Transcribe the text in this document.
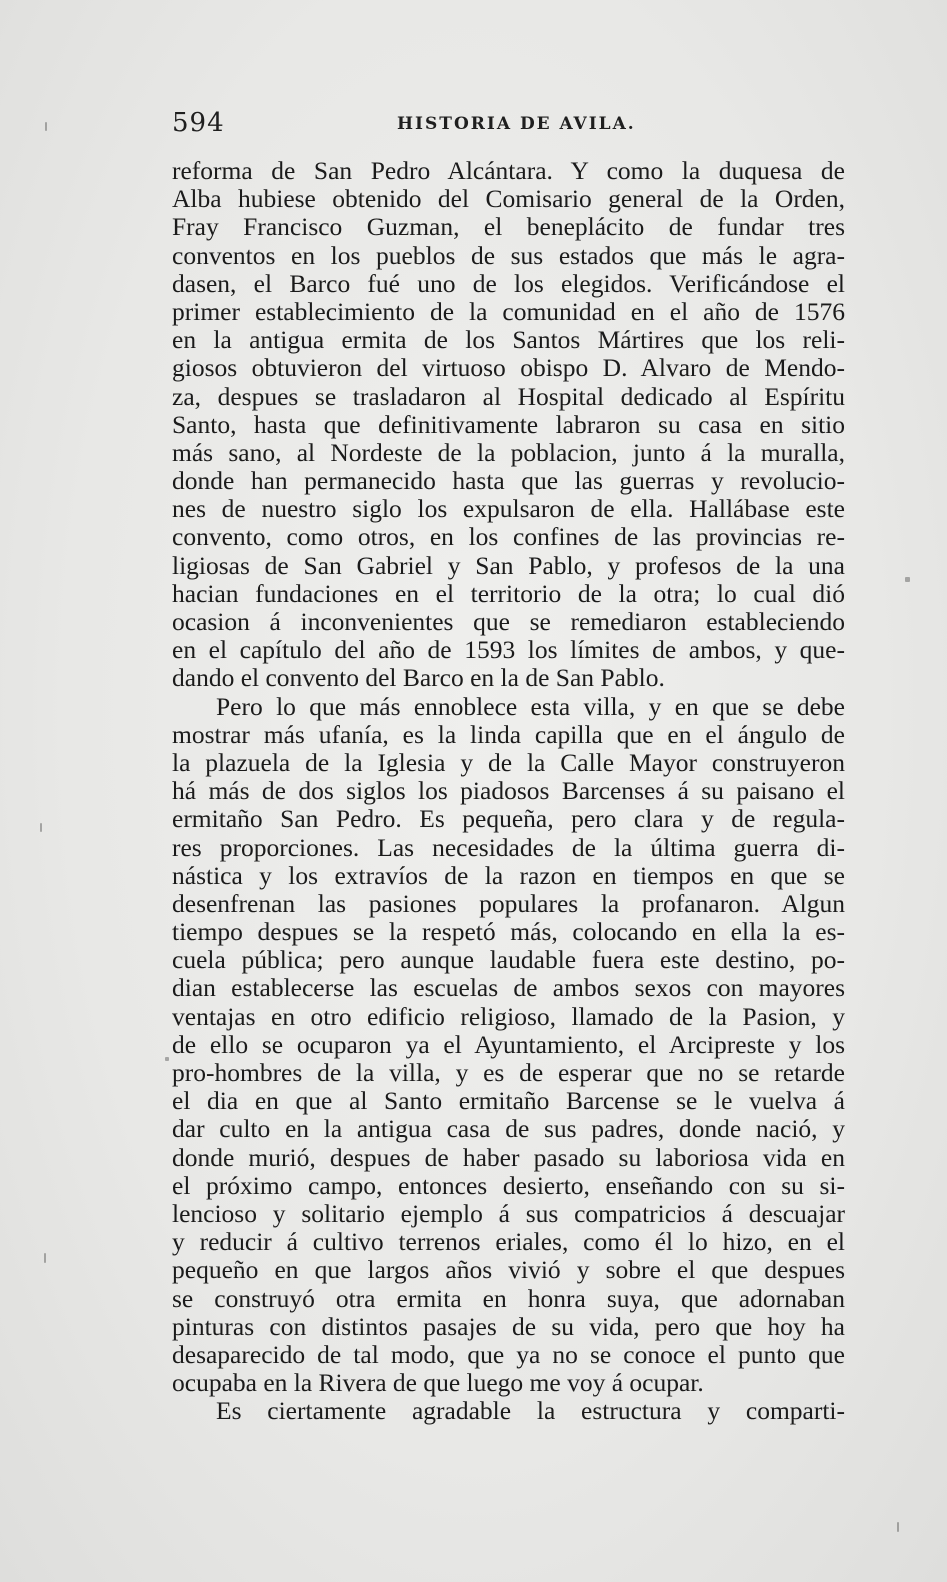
594	HISTORIA DE AVILA.
reforma de San Pedro Alcántara. Y como la duquesa de
Alba hubiese obtenido del Comisario general de la Orden,
Fray Francisco Guzman, el beneplácito de fundar tres
conventos en los pueblos de sus estados que más le agra-
dasen, el Barco fué uno de los elegidos. Verificándose el
primer establecimiento de la comunidad en el año de 1576
en la antigua ermita de los Santos Mártires que los reli-
giosos obtuvieron del virtuoso obispo D. Alvaro de Mendo-
za, despues se trasladaron al Hospital dedicado al Espíritu
Santo, hasta que definitivamente labraron su casa en sitio
más sano, al Nordeste de la poblacion, junto á la muralla,
donde han permanecido hasta que las guerras y revolucio-
nes de nuestro siglo los expulsaron de ella. Hallábase este
convento, como otros, en los confines de las provincias re-
ligiosas de San Gabriel y San Pablo, y profesos de la una
hacian fundaciones en el territorio de la otra; lo cual dió
ocasion á inconvenientes que se remediaron estableciendo
en el capítulo del año de 1593 los límites de ambos, y que-
dando el convento del Barco en la de San Pablo.
Pero lo que más ennoblece esta villa, y en que se debe
mostrar más ufanía, es la linda capilla que en el ángulo de
la plazuela de la Iglesia y de la Calle Mayor construyeron
há más de dos siglos los piadosos Barcenses á su paisano el
ermitaño San Pedro. Es pequeña, pero clara y de regula-
res proporciones. Las necesidades de la última guerra di-
nástica y los extravíos de la razon en tiempos en que se
desenfrenan las pasiones populares la profanaron. Algun
tiempo despues se la respetó más, colocando en ella la es-
cuela pública; pero aunque laudable fuera este destino, po-
dian establecerse las escuelas de ambos sexos con mayores
ventajas en otro edificio religioso, llamado de la Pasion, y
de ello se ocuparon ya el Ayuntamiento, el Arcipreste y los
pro-hombres de la villa, y es de esperar que no se retarde
el dia en que al Santo ermitaño Barcense se le vuelva á
dar culto en la antigua casa de sus padres, donde nació, y
donde murió, despues de haber pasado su laboriosa vida en
el próximo campo, entonces desierto, enseñando con su si-
lencioso y solitario ejemplo á sus compatricios á descuajar
y reducir á cultivo terrenos eriales, como él lo hizo, en el
pequeño en que largos años vivió y sobre el que despues
se construyó otra ermita en honra suya, que adornaban
pinturas con distintos pasajes de su vida, pero que hoy ha
desaparecido de tal modo, que ya no se conoce el punto que
ocupaba en la Rivera de que luego me voy á ocupar.
Es ciertamente agradable la estructura y comparti-
